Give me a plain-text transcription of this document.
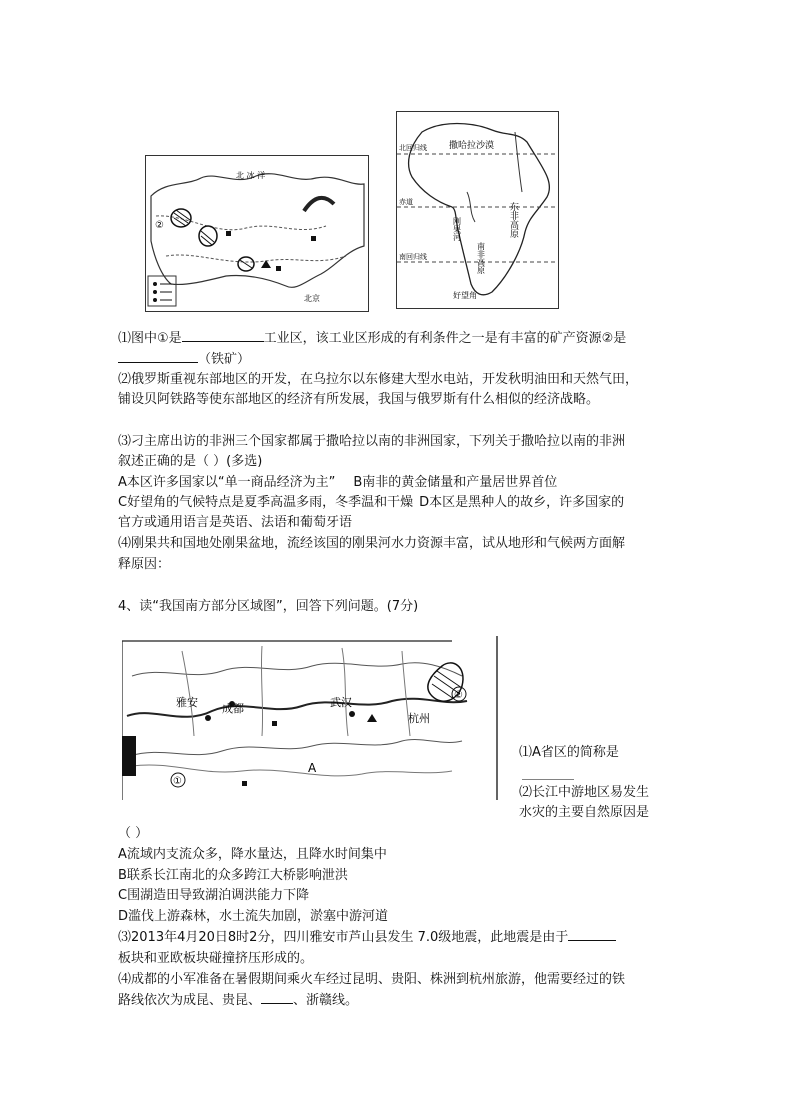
北 冰 洋
②
北京
北回归线
赤道
南回归线
撒哈拉沙漠
刚果河	东非高原
南非高原
好望角
⑴图中①是	工业区，该工业区形成的有利条件之一是有丰富的矿产资源②是
（铁矿）
⑵俄罗斯重视东部地区的开发，在乌拉尔以东修建大型水电站，开发秋明油田和天然气田，
铺设贝阿铁路等使东部地区的经济有所发展，我国与俄罗斯有什么相似的经济战略。
⑶刁主席出访的非洲三个国家都属于撒哈拉以南的非洲国家，下列关于撒哈拉以南的非洲
叙述正确的是（ ）(多选)
A本区许多国家以“单一商品经济为主” B南非的黄金储量和产量居世界首位
C好望角的气候特点是夏季高温多雨，冬季温和干燥 D本区是黑种人的故乡，许多国家的
官方或通用语言是英语、法语和葡萄牙语
⑷刚果共和国地处刚果盆地，流经该国的刚果河水力资源丰富，试从地形和气候两方面解
释原因：
4、读“我国南方部分区域图”，回答下列问题。(7分)
②
①
雅安 成都	武汉
杭州
A
⑴A省区的简称是
＿＿＿＿
⑵长江中游地区易发生
水灾的主要自然原因是
（ ）
A流域内支流众多，降水量达，且降水时间集中
B联系长江南北的众多跨江大桥影响泄洪
C围湖造田导致湖泊调洪能力下降
D滥伐上游森林，水土流失加剧，淤塞中游河道
⑶2013年4月20日8时2分，四川雅安市芦山县发生 7.0级地震，此地震是由于
板块和亚欧板块碰撞挤压形成的。
⑷成都的小军准备在暑假期间乘火车经过昆明、贵阳、株洲到杭州旅游，他需要经过的铁
路线依次为成昆、贵昆、 、浙赣线。
